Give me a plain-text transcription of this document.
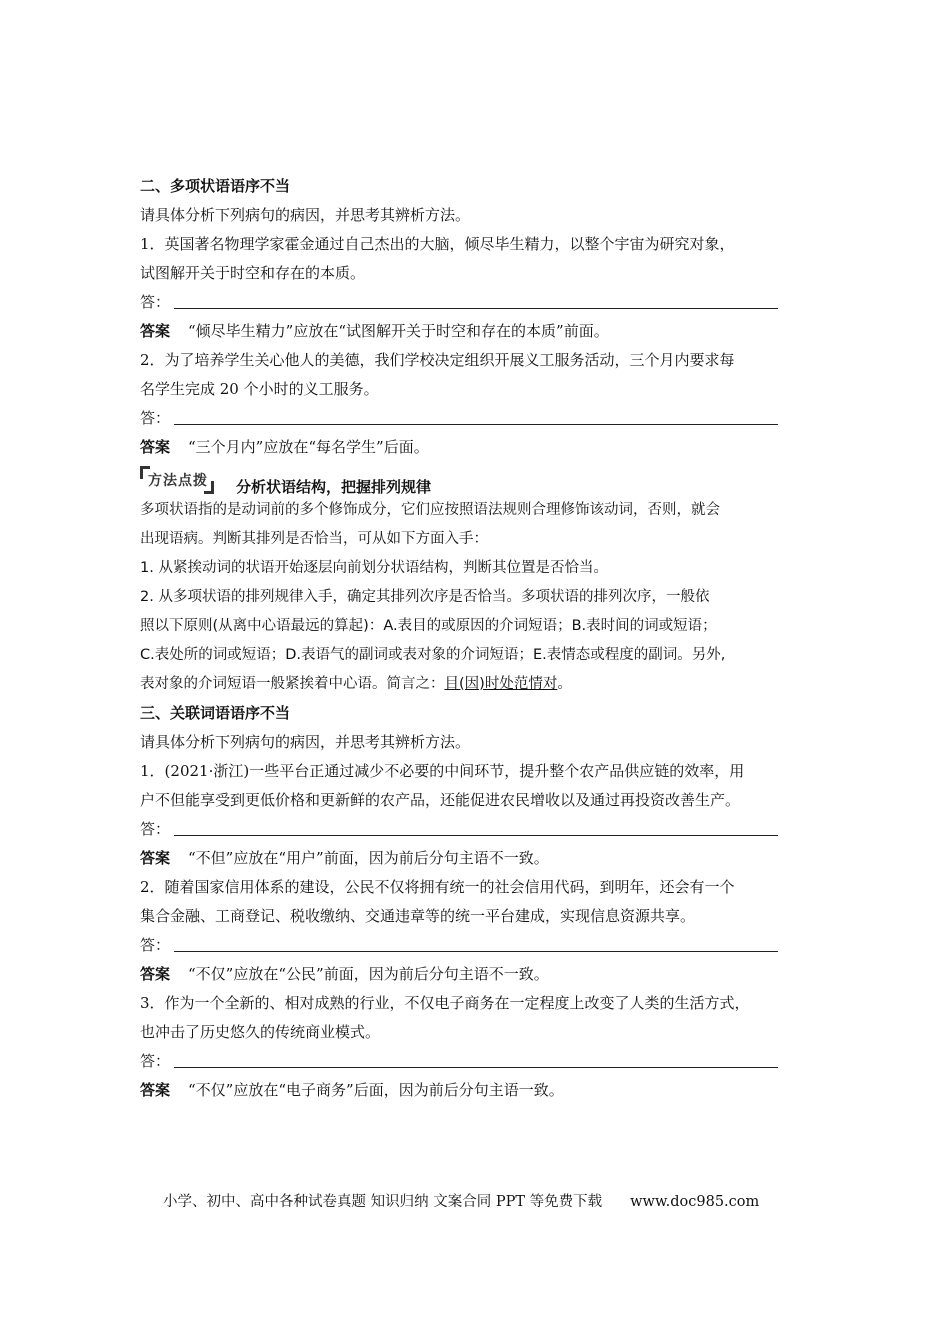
二、多项状语语序不当
请具体分析下列病句的病因，并思考其辨析方法。
1．英国著名物理学家霍金通过自己杰出的大脑，倾尽毕生精力，以整个宇宙为研究对象，
试图解开关于时空和存在的本质。
答：
答案 “倾尽毕生精力”应放在“试图解开关于时空和存在的本质”前面。
2．为了培养学生关心他人的美德，我们学校决定组织开展义工服务活动，三个月内要求每
名学生完成 20 个小时的义工服务。
答：
答案 “三个月内”应放在“每名学生”后面。
方法点拨	分析状语结构，把握排列规律
多项状语指的是动词前的多个修饰成分，它们应按照语法规则合理修饰该动词，否则，就会
出现语病。判断其排列是否恰当，可从如下方面入手：
1. 从紧挨动词的状语开始逐层向前划分状语结构，判断其位置是否恰当。
2. 从多项状语的排列规律入手，确定其排列次序是否恰当。多项状语的排列次序，一般依
照以下原则(从离中心语最远的算起)：A.表目的或原因的介词短语；B.表时间的词或短语；
C.表处所的词或短语；D.表语气的副词或表对象的介词短语；E.表情态或程度的副词。另外,
表对象的介词短语一般紧挨着中心语。简言之：目(因)时处范情对。
三、关联词语语序不当
请具体分析下列病句的病因，并思考其辨析方法。
1．(2021·浙江)一些平台正通过减少不必要的中间环节，提升整个农产品供应链的效率，用
户不但能享受到更低价格和更新鲜的农产品，还能促进农民增收以及通过再投资改善生产。
答：
答案 “不但”应放在“用户”前面，因为前后分句主语不一致。
2．随着国家信用体系的建设，公民不仅将拥有统一的社会信用代码，到明年，还会有一个
集合金融、工商登记、税收缴纳、交通违章等的统一平台建成，实现信息资源共享。
答：
答案 “不仅”应放在“公民”前面，因为前后分句主语不一致。
3．作为一个全新的、相对成熟的行业，不仅电子商务在一定程度上改变了人类的生活方式，
也冲击了历史悠久的传统商业模式。
答：
答案 “不仅”应放在“电子商务”后面，因为前后分句主语一致。
小学、初中、高中各种试卷真题 知识归纳 文案合同 PPT 等免费下载 www.doc985.com
